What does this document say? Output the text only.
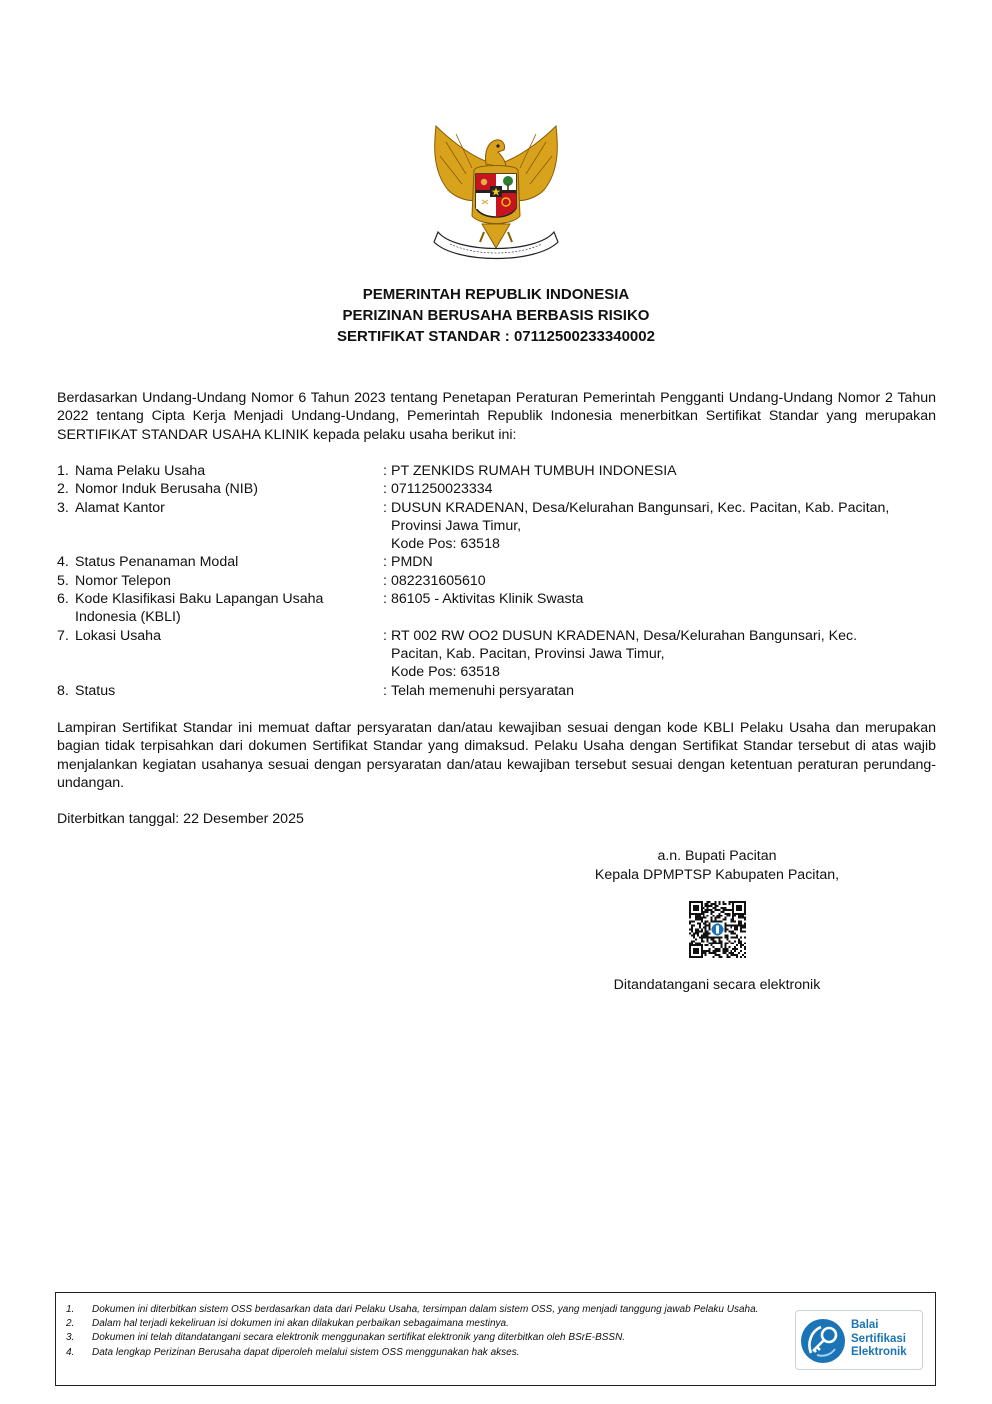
PEMERINTAH REPUBLIK INDONESIA
PERIZINAN BERUSAHA BERBASIS RISIKO
SERTIFIKAT STANDAR : 07112500233340002
Berdasarkan Undang-Undang Nomor 6 Tahun 2023 tentang Penetapan Peraturan Pemerintah Pengganti Undang-Undang Nomor 2 Tahun 2022 tentang Cipta Kerja Menjadi Undang-Undang, Pemerintah Republik Indonesia menerbitkan Sertifikat Standar yang merupakan SERTIFIKAT STANDAR USAHA KLINIK kepada pelaku usaha berikut ini:
1. Nama Pelaku Usaha	: PT ZENKIDS RUMAH TUMBUH INDONESIA
2. Nomor Induk Berusaha (NIB)	: 0711250023334
3. Alamat Kantor	: DUSUN KRADENAN, Desa/Kelurahan Bangunsari, Kec. Pacitan, Kab. Pacitan,
Provinsi Jawa Timur,
Kode Pos: 63518
4. Status Penanaman Modal	: PMDN
5. Nomor Telepon	: 082231605610
6. Kode Klasifikasi Baku Lapangan Usaha Indonesia (KBLI)
: 86105 - Aktivitas Klinik Swasta
7. Lokasi Usaha	: RT 002 RW OO2 DUSUN KRADENAN, Desa/Kelurahan Bangunsari, Kec.
Pacitan, Kab. Pacitan, Provinsi Jawa Timur,
Kode Pos: 63518
8. Status	: Telah memenuhi persyaratan
Lampiran Sertifikat Standar ini memuat daftar persyaratan dan/atau kewajiban sesuai dengan kode KBLI Pelaku Usaha dan merupakan bagian tidak terpisahkan dari dokumen Sertifikat Standar yang dimaksud. Pelaku Usaha dengan Sertifikat Standar tersebut di atas wajib menjalankan kegiatan usahanya sesuai dengan persyaratan dan/atau kewajiban tersebut sesuai dengan ketentuan peraturan perundang-undangan.
Diterbitkan tanggal: 22 Desember 2025
a.n. Bupati Pacitan
Kepala DPMPTSP Kabupaten Pacitan,
Ditandatangani secara elektronik
1.	Dokumen ini diterbitkan sistem OSS berdasarkan data dari Pelaku Usaha, tersimpan dalam sistem OSS, yang menjadi tanggung jawab Pelaku Usaha.
2.	Dalam hal terjadi kekeliruan isi dokumen ini akan dilakukan perbaikan sebagaimana mestinya.
3.	Dokumen ini telah ditandatangani secara elektronik menggunakan sertifikat elektronik yang diterbitkan oleh BSrE-BSSN.
4.	Data lengkap Perizinan Berusaha dapat diperoleh melalui sistem OSS menggunakan hak akses.
Balai
Sertifikasi
Elektronik
